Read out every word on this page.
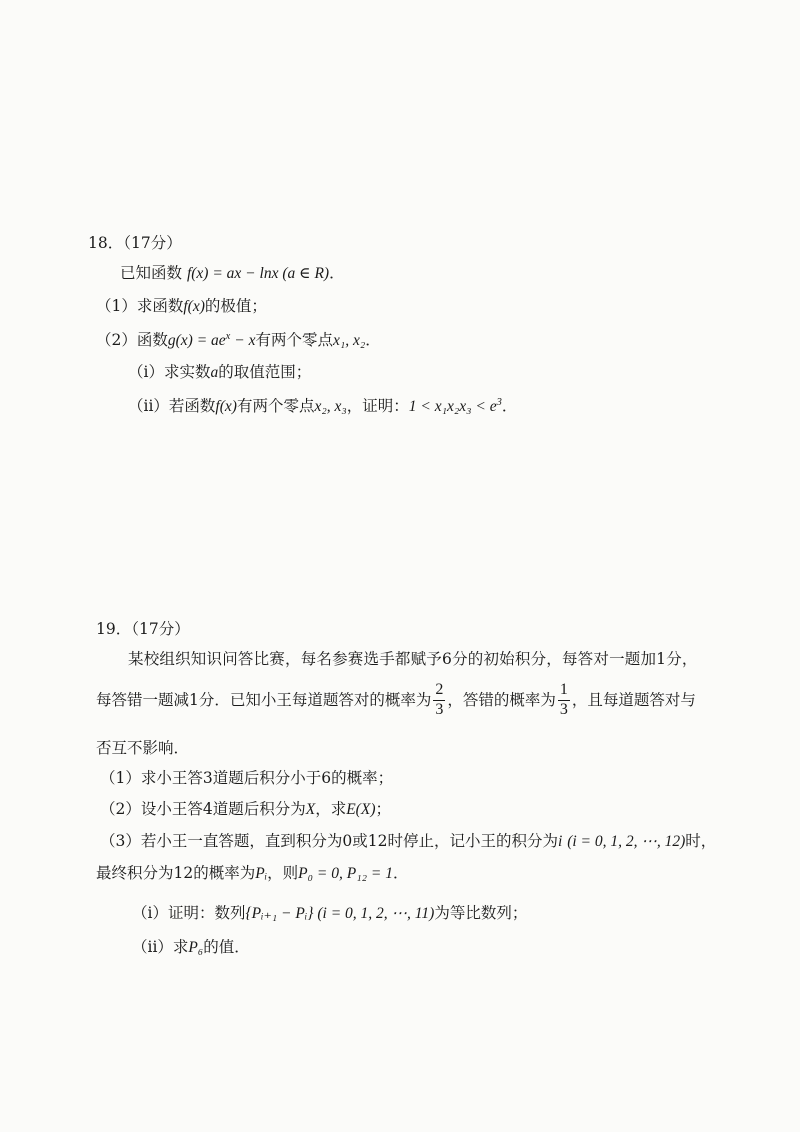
18．（17分）
已知函数 f(x) = ax − lnx (a ∈ R)．
（1）求函数f(x)的极值；
（2）函数$g(x) = ae^x - x$有两个零点x₁, x₂．
（i）求实数a的取值范围；
（ii）若函数f(x)有两个零点x₂, x₃，证明：$1 < x_1x_2x_3 < e^3$．
19．（17分）
某校组织知识问答比赛，每名参赛选手都赋予6分的初始积分，每答对一题加1分，
每答错一题减1分．已知小王每道题答对的概率为 $\frac{2}{3}$ ，答错的概率为 $\frac{1}{3}$ ，且每道题答对与
否互不影响．
（1）求小王答3道题后积分小于6的概率；
（2）设小王答4道题后积分为X，求E(X)；
（3）若小王一直答题，直到积分为0或12时停止，记小王的积分为i (i = 0, 1, 2, ⋯, 12)时，
最终积分为12的概率为Pᵢ，则P₀ = 0, P₁₂ = 1．
（i）证明：数列{Pᵢ₊₁ − Pᵢ} (i = 0, 1, 2, ⋯, 11)为等比数列；
（ii）求P₆的值．
